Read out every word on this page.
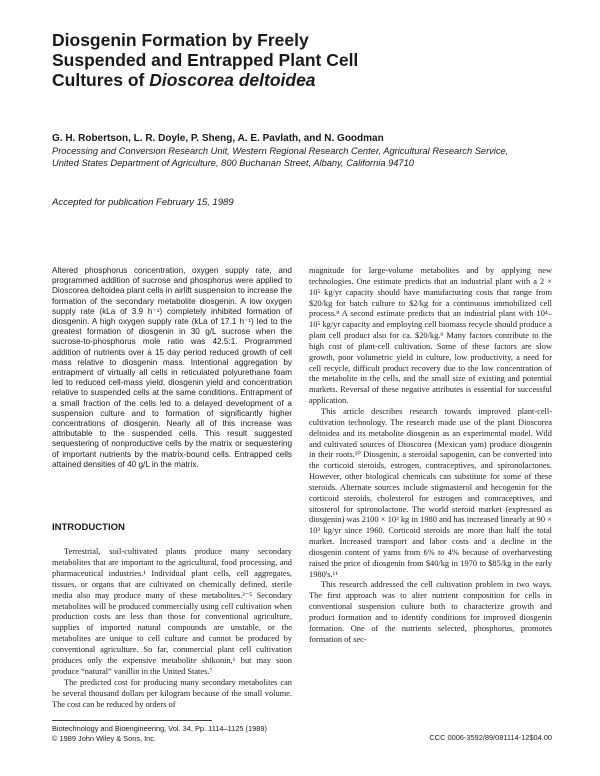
Diosgenin Formation by Freely
Suspended and Entrapped Plant Cell
Cultures of Dioscorea deltoidea
G. H. Robertson, L. R. Doyle, P. Sheng, A. E. Pavlath, and N. Goodman
Processing and Conversion Research Unit, Western Regional Research Center, Agricultural Research Service, United States Department of Agriculture, 800 Buchanan Street, Albany, California 94710
Accepted for publication February 15, 1989

Altered phosphorus concentration, oxygen supply rate, and programmed addition of sucrose and phosphorus were applied to Dioscorea deltoidea plant cells in airlift suspension to increase the formation of the secondary metabolite diosgenin. A low oxygen supply rate (kLa of 3.9 h⁻¹) completely inhibited formation of diosgenin. A high oxygen supply rate (kLa of 17.1 h⁻¹) led to the greatest formation of diosgenin in 30 g/L sucrose when the sucrose-to-phosphorus mole ratio was 42.5:1. Programmed addition of nutrients over a 15 day period reduced growth of cell mass relative to diosgenin mass. Intentional aggregation by entrapment of virtually all cells in reticulated polyurethane foam led to reduced cell-mass yield, diosgenin yield and concentration relative to suspended cells at the same conditions. Entrapment of a small fraction of the cells led to a delayed development of a suspension culture and to formation of significantly higher concentrations of diosgenin. Nearly all of this increase was attributable to the suspended cells. This result suggested sequestering of nonproductive cells by the matrix or sequestering of important nutrients by the matrix-bound cells. Entrapped cells attained densities of 40 g/L in the matrix.

INTRODUCTION

Terrestrial, soil-cultivated plants produce many secondary metabolites that are important to the agricultural, food processing, and pharmaceutical industries.¹ Individual plant cells, cell aggregates, tissues, or organs that are cultivated on chemically defined, sterile media also may produce many of these metabolites.²⁻⁵ Secondary metabolites will be produced commercially using cell cultivation when production costs are less than those for conventional agriculture, supplies of imported natural compounds are unstable, or the metabolites are unique to cell culture and cannot be produced by conventional agriculture. So far, commercial plant cell cultivation produces only the expensive metabolite shikonin,⁶ but may soon produce “natural” vanillin in the United States.⁷

The predicted cost for producing many secondary metabolites can be several thousand dollars per kilogram because of the small volume. The cost can be reduced by orders of

magnitude for large-volume metabolites and by applying new technologies. One estimate predicts that an industrial plant with a 2 × 10⁵ kg/yr capacity should have manufacturing costs that range from $20/kg for batch culture to $2/kg for a continuous immobilized cell process.⁸ A second estimate predicts that an industrial plant with 10⁴–10⁵ kg/yr capacity and employing cell biomass recycle should produce a plant cell product also for ca. $20/kg.⁹ Many factors contribute to the high cost of plant-cell cultivation. Some of these factors are slow growth, poor volumetric yield in culture, low productivity, a need for cell recycle, difficult product recovery due to the low concentration of the metabolite in the cells, and the small size of existing and potential markets. Reversal of these negative attributes is essential for successful application.

This article describes research towards improved plant-cell-cultivation technology. The research made use of the plant Dioscorea deltoidea and its metabolite diosgenin as an experimental model. Wild and cultivated sources of Dioscorea (Mexican yam) produce diosgenin in their roots.¹⁰ Diosgenin, a steroidal sapogenin, can be converted into the corticoid steroids, estrogen, contraceptives, and spironolactones. However, other biological chemicals can substitute for some of these steroids. Alternate sources include stigmasterol and hecogenin for the corticoid steroids, cholesterol for estrogen and contraceptives, and sitosterol for spironolactone. The world steroid market (expressed as diosgenin) was 2100 × 10³ kg in 1980 and has increased linearly at 90 × 10³ kg/yr since 1960. Corticoid steroids are more than half the total market. Increased transport and labor costs and a decline in the diosgenin content of yams from 6% to 4% because of overharvesting raised the price of diosgenin from $40/kg in 1970 to $85/kg in the early 1980's.¹¹

This research addressed the cell cultivation problem in two ways. The first approach was to alter nutrient composition for cells in conventional suspension culture both to characterize growth and product formation and to identify conditions for improved diosgenin formation. One of the nutrients selected, phosphorus, promotes formation of sec-

Biotechnology and Bioengineering, Vol. 34, Pp. 1114–1125 (1989)
© 1989 John Wiley & Sons, Inc.	CCC 0006-3592/89/081114-12$04.00
